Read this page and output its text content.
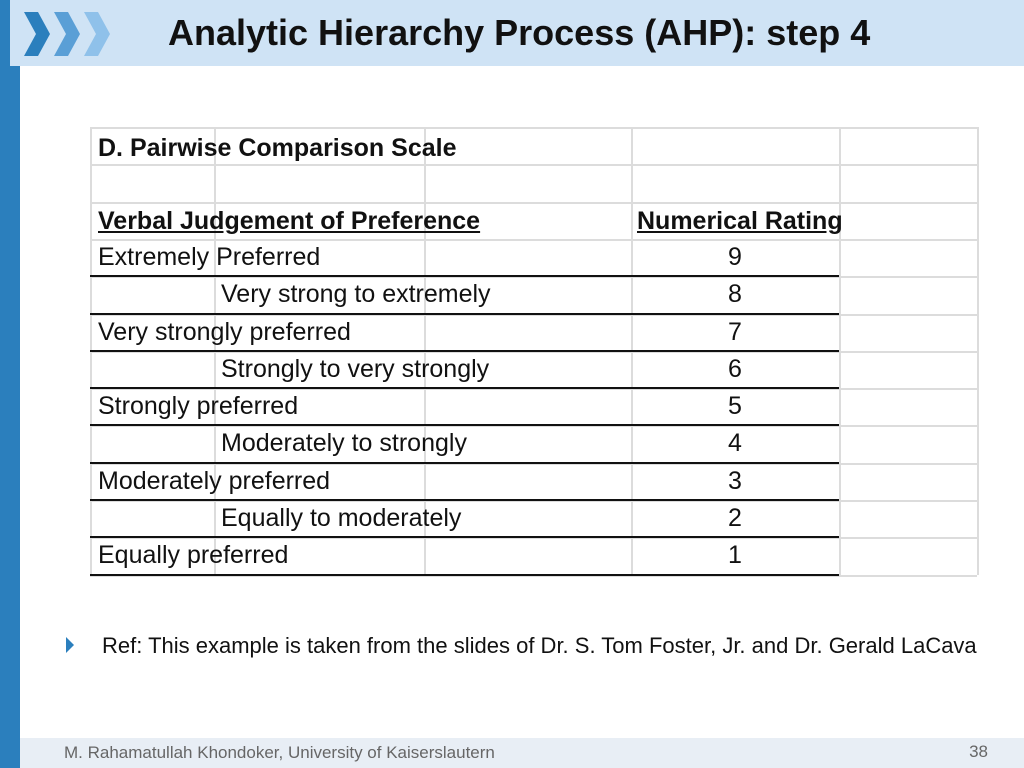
Analytic Hierarchy Process (AHP): step 4
D. Pairwise Comparison Scale
Verbal Judgement of Preference	Numerical Rating
Extremely Preferred	9
Very strong to extremely	8
Very strongly preferred	7
Strongly to very strongly	6
Strongly preferred	5
Moderately to strongly	4
Moderately preferred	3
Equally to moderately	2
Equally preferred	1
Ref: This example is taken from the slides of Dr. S. Tom Foster, Jr. and Dr. Gerald LaCava
M. Rahamatullah Khondoker, University of Kaiserslautern	38
